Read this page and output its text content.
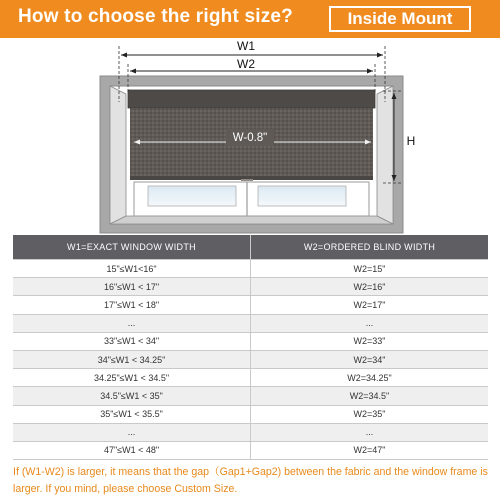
How to choose the right size?	Inside Mount
W1
W2
W-0.8"	H
W1=EXACT WINDOW WIDTH	W2=ORDERED BLIND WIDTH
15"≤W1<16"	W2=15"
16"≤W1 < 17"	W2=16"
17"≤W1 < 18"	W2=17"
...	...
33"≤W1 < 34"	W2=33"
34"≤W1 < 34.25"	W2=34"
34.25"≤W1 < 34.5"	W2=34.25"
34.5"≤W1 < 35"	W2=34.5"
35"≤W1 < 35.5"	W2=35"
...	...
47"≤W1 < 48"	W2=47"
If (W1-W2) is larger, it means that the gap（Gap1+Gap2) between the fabric and the window frame is larger. If you mind, please choose Custom Size.
